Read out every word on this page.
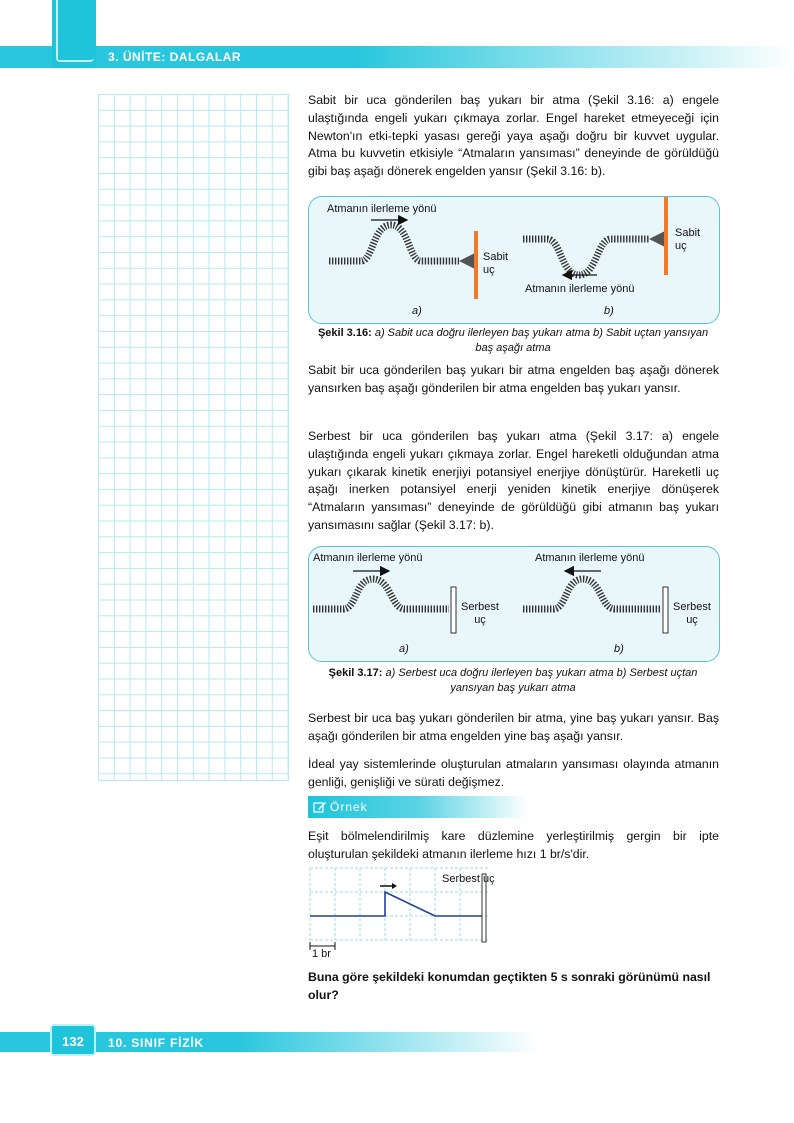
3. ÜNİTE: DALGALAR

Sabit bir uca gönderilen baş yukarı bir atma (Şekil 3.16: a) engele ulaştığında engeli yukarı çıkmaya zorlar. Engel hareket etmeyeceği için Newton'ın etki-tepki yasası gereği yaya aşağı doğru bir kuvvet uygular. Atma bu kuvvetin etkisiyle “Atmaların yansıması” deneyinde de görüldüğü gibi baş aşağı dönerek engelden yansır (Şekil 3.16: b).

Atmanın ilerleme yönü
Sabit uç
Sabit uç
Atmanın ilerleme yönü
a)	b)
Şekil 3.16: a) Sabit uca doğru ilerleyen baş yukarı atma b) Sabit uçtan yansıyan baş aşağı atma

Sabit bir uca gönderilen baş yukarı bir atma engelden baş aşağı dönerek yansırken baş aşağı gönderilen bir atma engelden baş yukarı yansır.

Serbest bir uca gönderilen baş yukarı atma (Şekil 3.17: a) engele ulaştığında engeli yukarı çıkmaya zorlar. Engel hareketli olduğundan atma yukarı çıkarak kinetik enerjiyi potansiyel enerjiye dönüştürür. Hareketli uç aşağı inerken potansiyel enerji yeniden kinetik enerjiye dönüşerek “Atmaların yansıması” deneyinde de görüldüğü gibi atmanın baş yukarı yansımasını sağlar (Şekil 3.17: b).

Atmanın ilerleme yönü	Atmanın ilerleme yönü
Serbest uç
Serbest uç
a)	b)
Şekil 3.17: a) Serbest uca doğru ilerleyen baş yukarı atma b) Serbest uçtan yansıyan baş yukarı atma

Serbest bir uca baş yukarı gönderilen bir atma, yine baş yukarı yansır. Baş aşağı gönderilen bir atma engelden yine baş aşağı yansır.

İdeal yay sistemlerinde oluşturulan atmaların yansıması olayında atmanın genliği, genişliği ve sürati değişmez.

Örnek

Eşit bölmelendirilmiş kare düzlemine yerleştirilmiş gergin bir ipte oluşturulan şekildeki atmanın ilerleme hızı 1 br/s'dir.

Serbest uç
1 br
Buna göre şekildeki konumdan geçtikten 5 s sonraki görünümü nasıl olur?
132	10. SINIF FİZİK
